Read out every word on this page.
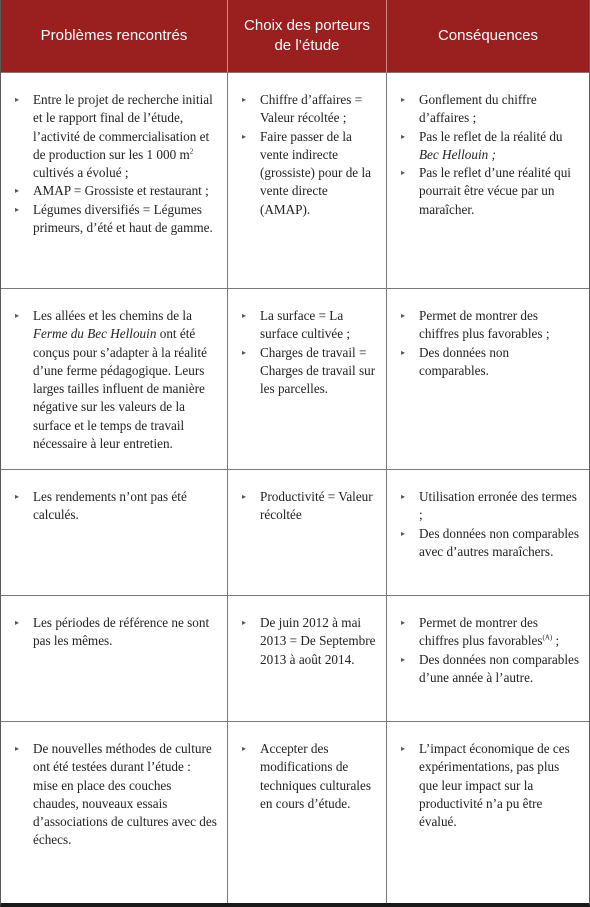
Problèmes rencontrés
Choix des porteurs de l’étude
Conséquences
▸ Entre le projet de recherche initial et le rapport final de l’étude, l’activité de commercialisation et de production sur les 1 000 $m^2$ cultivés a évolué ;
▸ AMAP = Grossiste et restaurant ;
▸ Légumes diversifiés = Légumes primeurs, d’été et haut de gamme.
▸ Chiffre d’affaires = Valeur récoltée ;
▸ Faire passer de la vente indirecte (grossiste) pour de la vente directe (AMAP).
▸ Gonflement du chiffre d’affaires ;
▸ Pas le reflet de la réalité du Bec Hellouin ;
▸ Pas le reflet d’une réalité qui pourrait être vécue par un maraîcher.
▸ Les allées et les chemins de la Ferme du Bec Hellouin ont été conçus pour s’adapter à la réalité d’une ferme pédagogique. Leurs larges tailles influent de manière négative sur les valeurs de la surface et le temps de travail nécessaire à leur entretien.
▸ La surface = La surface cultivée ;
▸ Charges de travail = Charges de travail sur les parcelles.
▸ Permet de montrer des chiffres plus favorables ;
▸ Des données non comparables.
▸ Les rendements n’ont pas été calculés.
▸ Productivité = Valeur récoltée
▸ Utilisation erronée des termes ;
▸ Des données non comparables avec d’autres maraîchers.
▸ Les périodes de référence ne sont pas les mêmes.
▸ De juin 2012 à mai 2013 = De Septembre 2013 à août 2014.
▸ Permet de montrer des chiffres plus favorables$^{(A)}$ ;
▸ Des données non comparables d’une année à l’autre.
▸ De nouvelles méthodes de culture ont été testées durant l’étude : mise en place des couches chaudes, nouveaux essais d’associations de cultures avec des échecs.
▸ Accepter des modifications de techniques culturales en cours d’étude.
▸ L’impact économique de ces expérimentations, pas plus que leur impact sur la productivité n’a pu être évalué.
